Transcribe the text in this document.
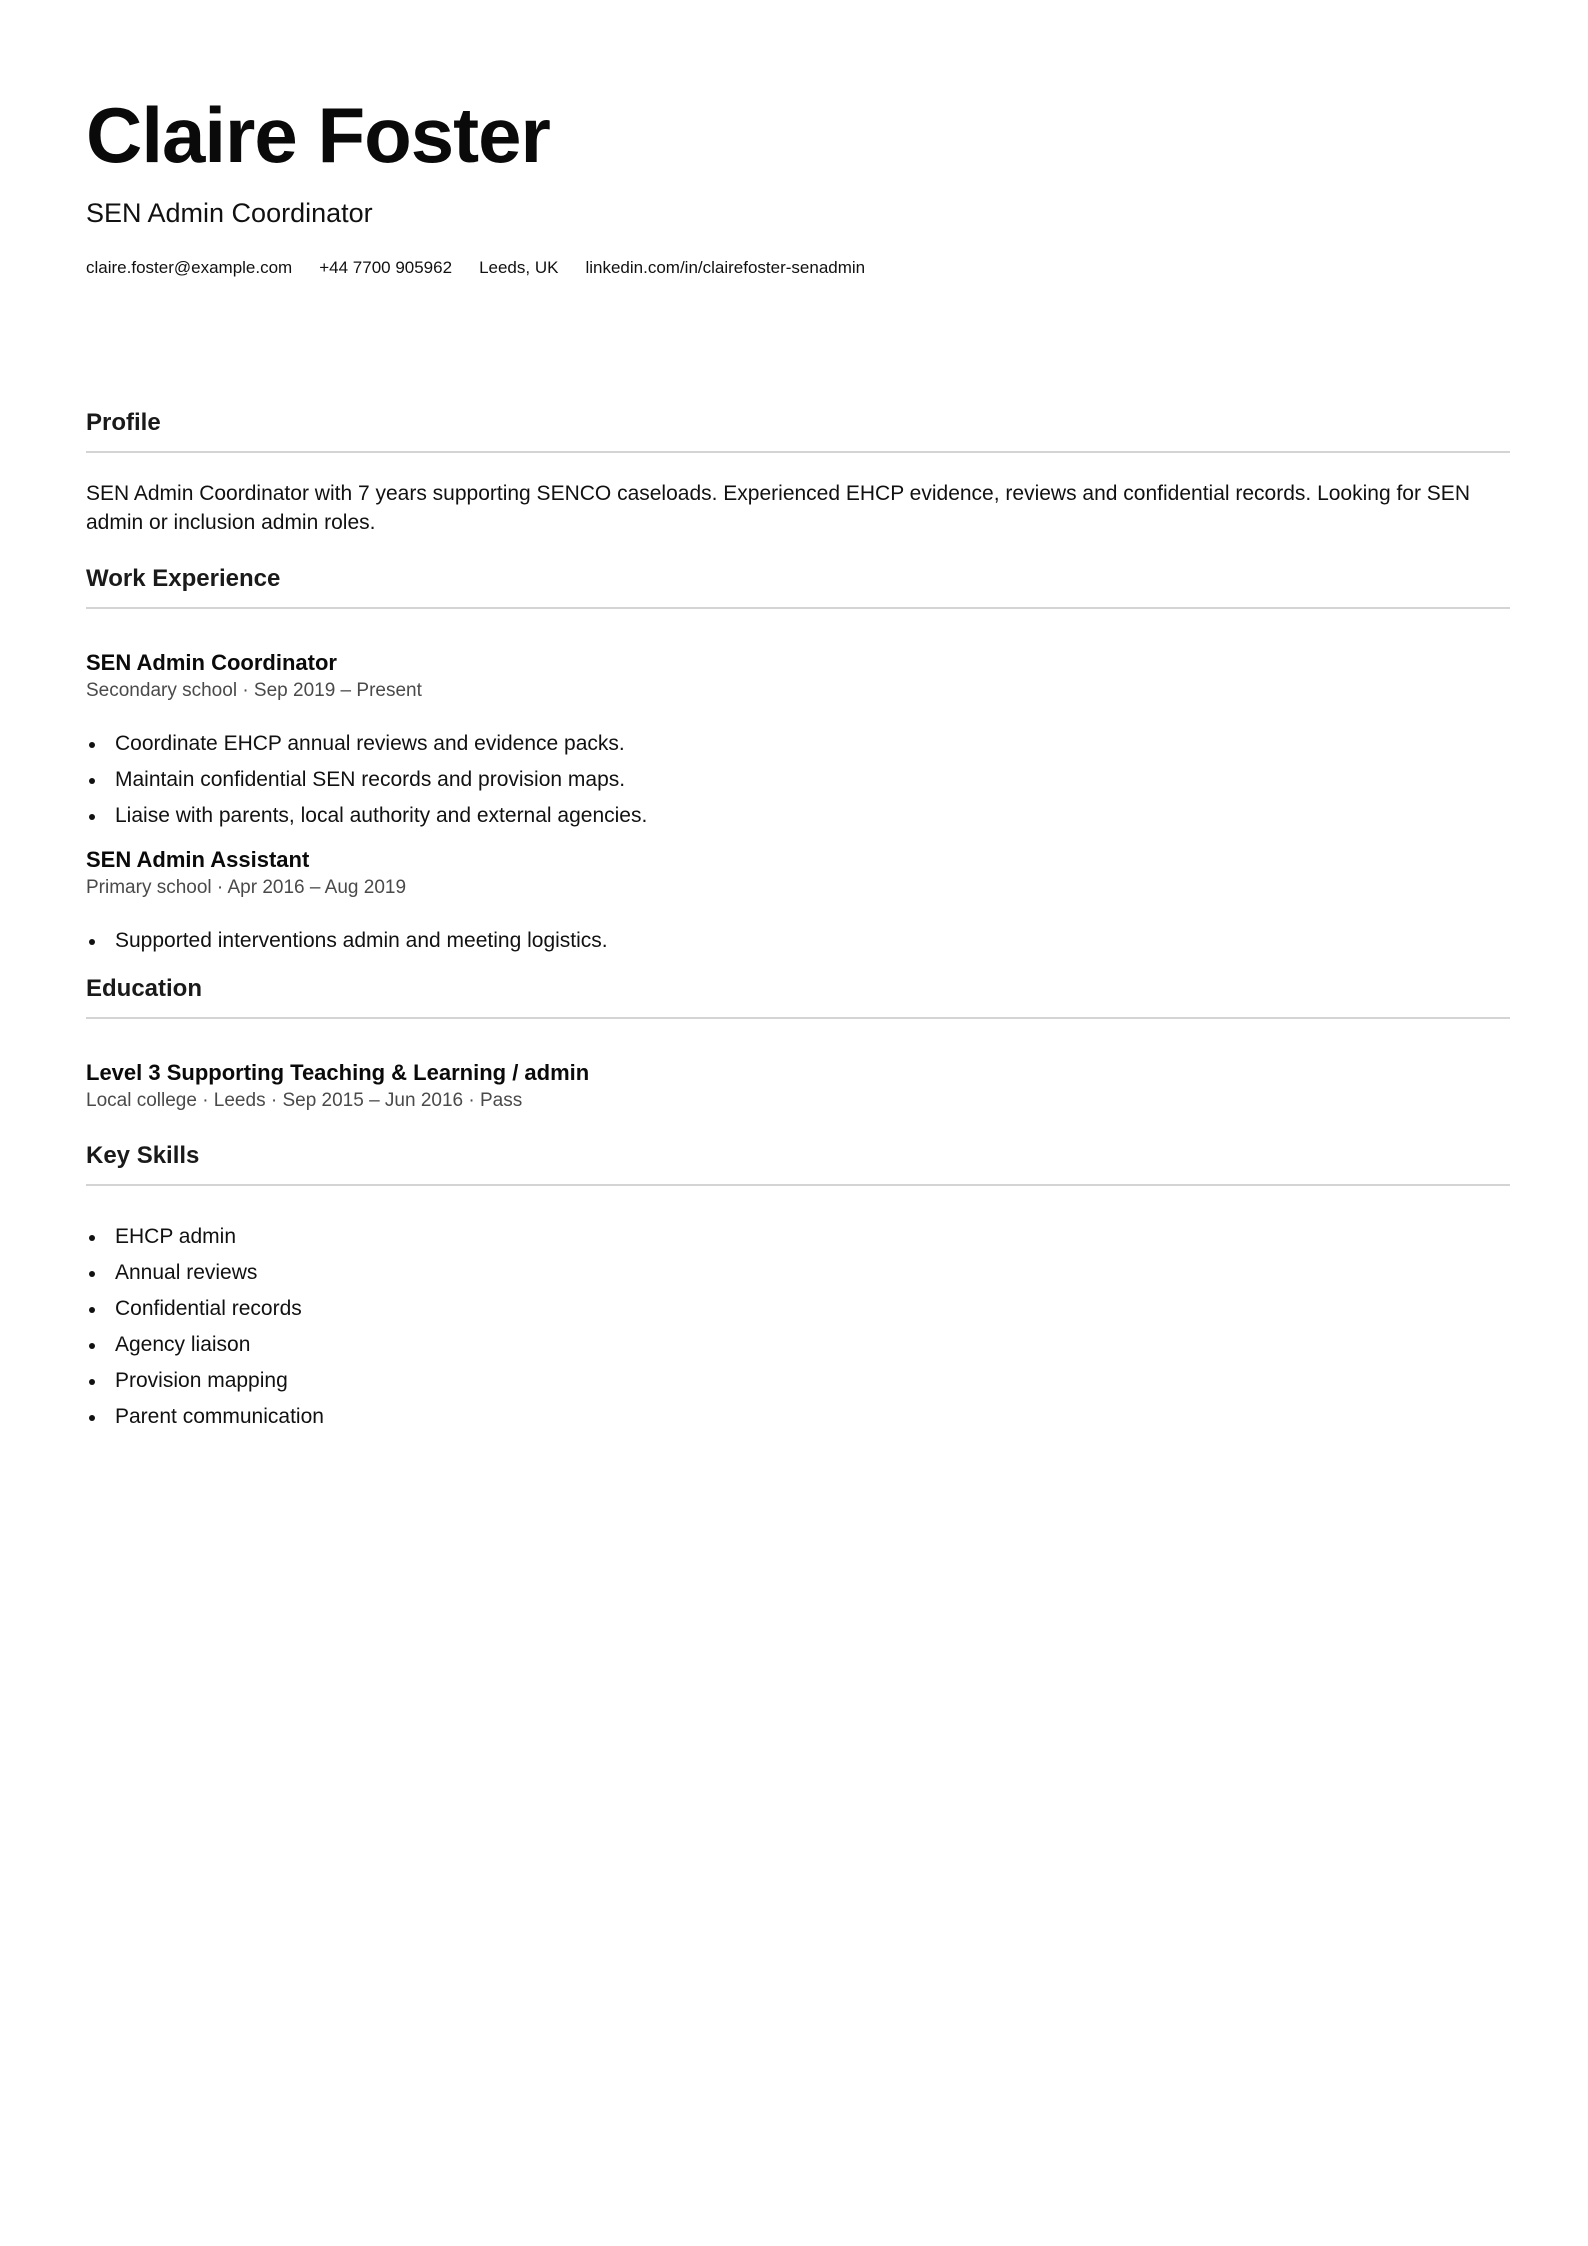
Claire Foster
SEN Admin Coordinator
claire.foster@example.com +44 7700 905962 Leeds, UK linkedin.com/in/clairefoster-senadmin
Profile
SEN Admin Coordinator with 7 years supporting SENCO caseloads. Experienced EHCP evidence, reviews and confidential records. Looking for SEN admin or inclusion admin roles.
Work Experience
SEN Admin Coordinator
Secondary school · Sep 2019 – Present
Coordinate EHCP annual reviews and evidence packs.
Maintain confidential SEN records and provision maps.
Liaise with parents, local authority and external agencies.
SEN Admin Assistant
Primary school · Apr 2016 – Aug 2019
Supported interventions admin and meeting logistics.
Education
Level 3 Supporting Teaching & Learning / admin
Local college · Leeds · Sep 2015 – Jun 2016 · Pass
Key Skills
EHCP admin
Annual reviews
Confidential records
Agency liaison
Provision mapping
Parent communication
